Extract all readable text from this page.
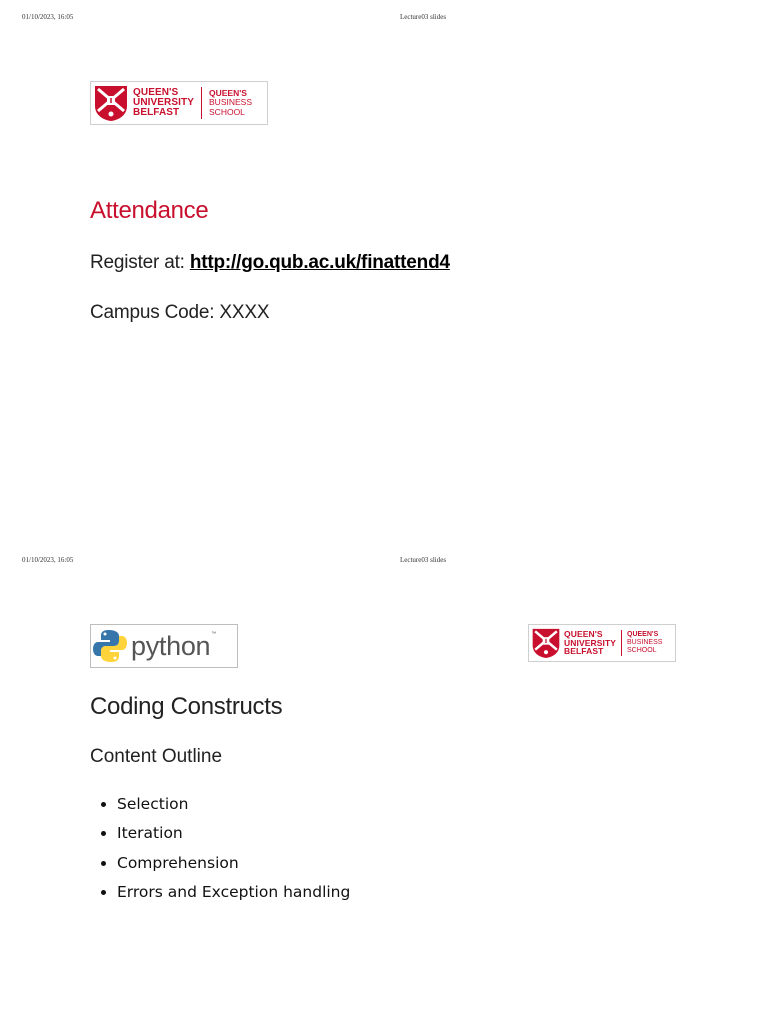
01/10/2023, 16:05	Lecture03 slides
QUEEN'S
UNIVERSITY
BELFAST
QUEEN'S
BUSINESS
SCHOOL
Attendance
Register at: http://go.qub.ac.uk/finattend4
Campus Code: XXXX
01/10/2023, 16:05	Lecture03 slides
python ™	QUEEN'S
UNIVERSITY
BELFAST
QUEEN'S
BUSINESS
SCHOOL
Coding Constructs
Content Outline
• Selection
• Iteration
• Comprehension
• Errors and Exception handling
